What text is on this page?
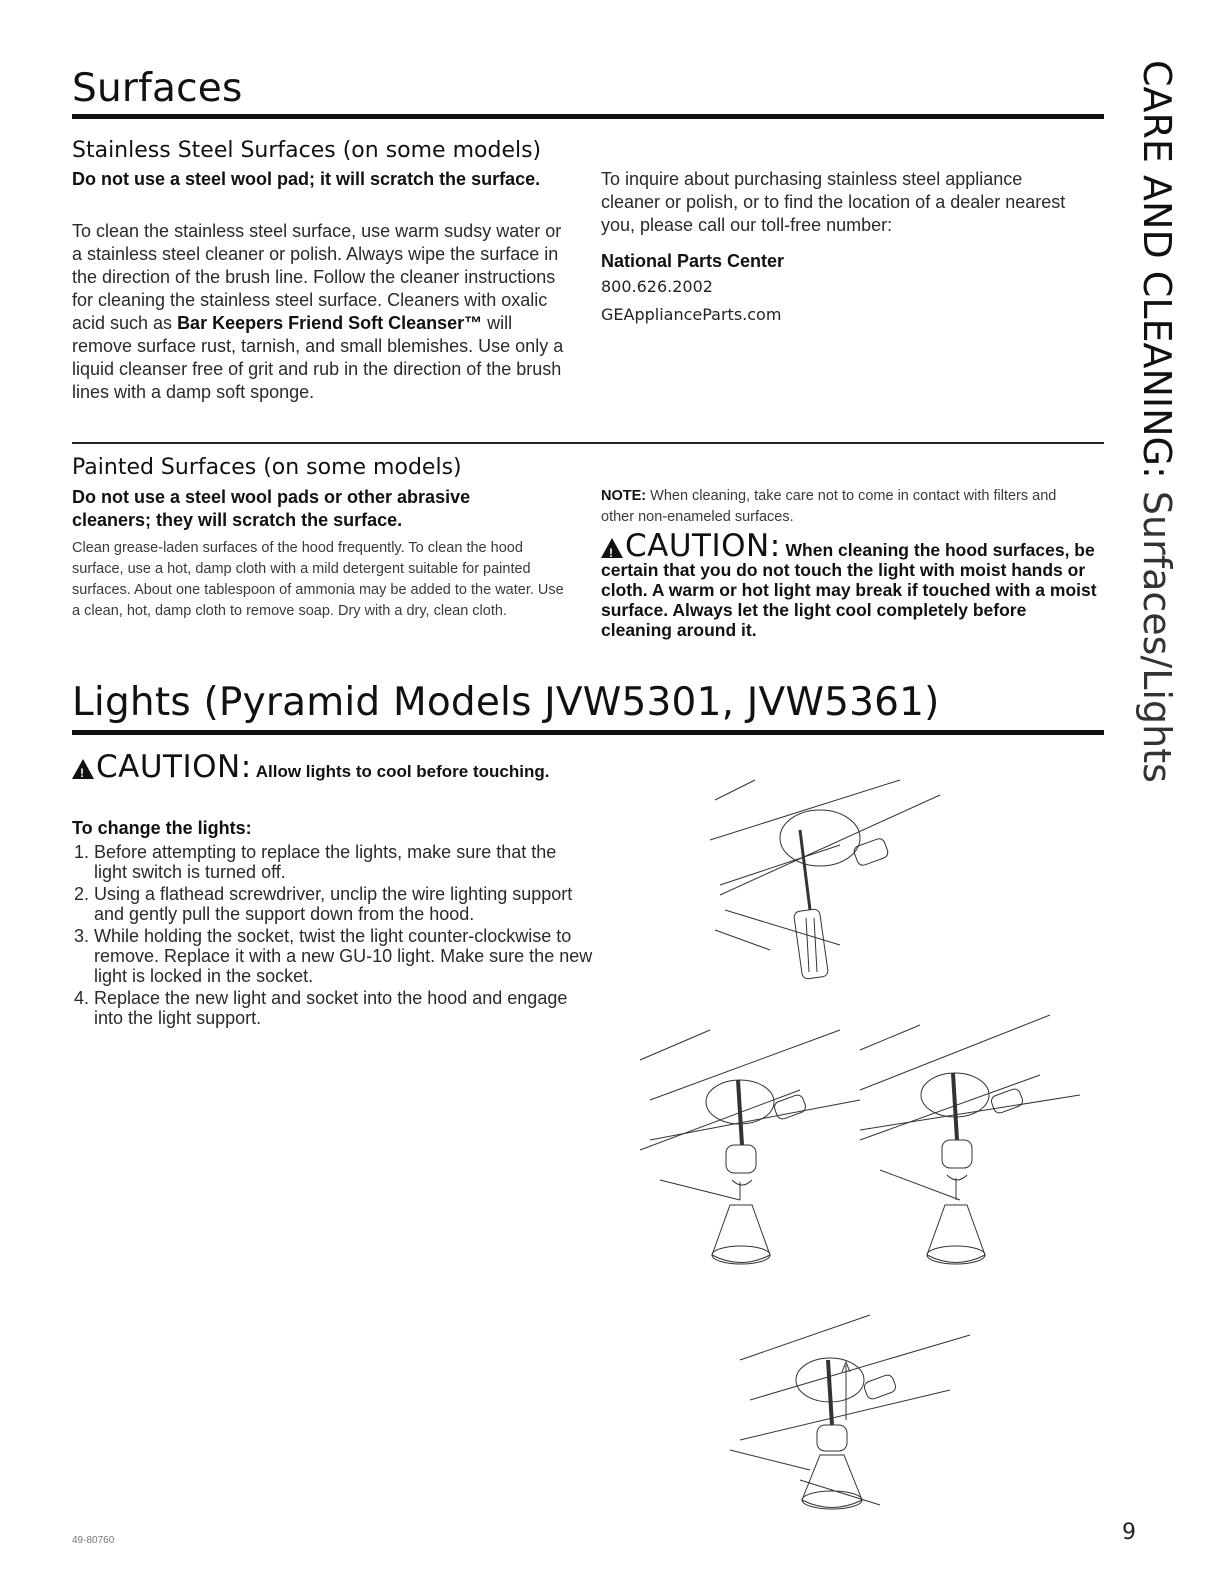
Surfaces
Stainless Steel Surfaces (on some models)
Do not use a steel wool pad; it will scratch the surface.
To clean the stainless steel surface, use warm sudsy water or a stainless steel cleaner or polish. Always wipe the surface in the direction of the brush line. Follow the cleaner instructions for cleaning the stainless steel surface. Cleaners with oxalic acid such as Bar Keepers Friend Soft Cleanser™ will remove surface rust, tarnish, and small blemishes. Use only a liquid cleanser free of grit and rub in the direction of the brush lines with a damp soft sponge.
To inquire about purchasing stainless steel appliance cleaner or polish, or to find the location of a dealer nearest you, please call our toll-free number:
National Parts Center
800.626.2002
GEApplianceParts.com
Painted Surfaces (on some models)
Do not use a steel wool pads or other abrasive cleaners; they will scratch the surface.
Clean grease-laden surfaces of the hood frequently. To clean the hood surface, use a hot, damp cloth with a mild detergent suitable for painted surfaces. About one tablespoon of ammonia may be added to the water. Use a clean, hot, damp cloth to remove soap. Dry with a dry, clean cloth.
NOTE: When cleaning, take care not to come in contact with filters and other non-enameled surfaces.
!CAUTION: When cleaning the hood surfaces, be certain that you do not touch the light with moist hands or cloth. A warm or hot light may break if touched with a moist surface. Always let the light cool completely before cleaning around it.
Lights (Pyramid Models JVW5301, JVW5361)
!CAUTION: Allow lights to cool before touching.
To change the lights:
1. Before attempting to replace the lights, make sure that the light switch is turned off.
2. Using a flathead screwdriver, unclip the wire lighting support and gently pull the support down from the hood.
3. While holding the socket, twist the light counter-clockwise to remove. Replace it with a new GU-10 light. Make sure the new light is locked in the socket.
4. Replace the new light and socket into the hood and engage into the light support.
CARE AND CLEANING: Surfaces/Lights
49-80760	9
